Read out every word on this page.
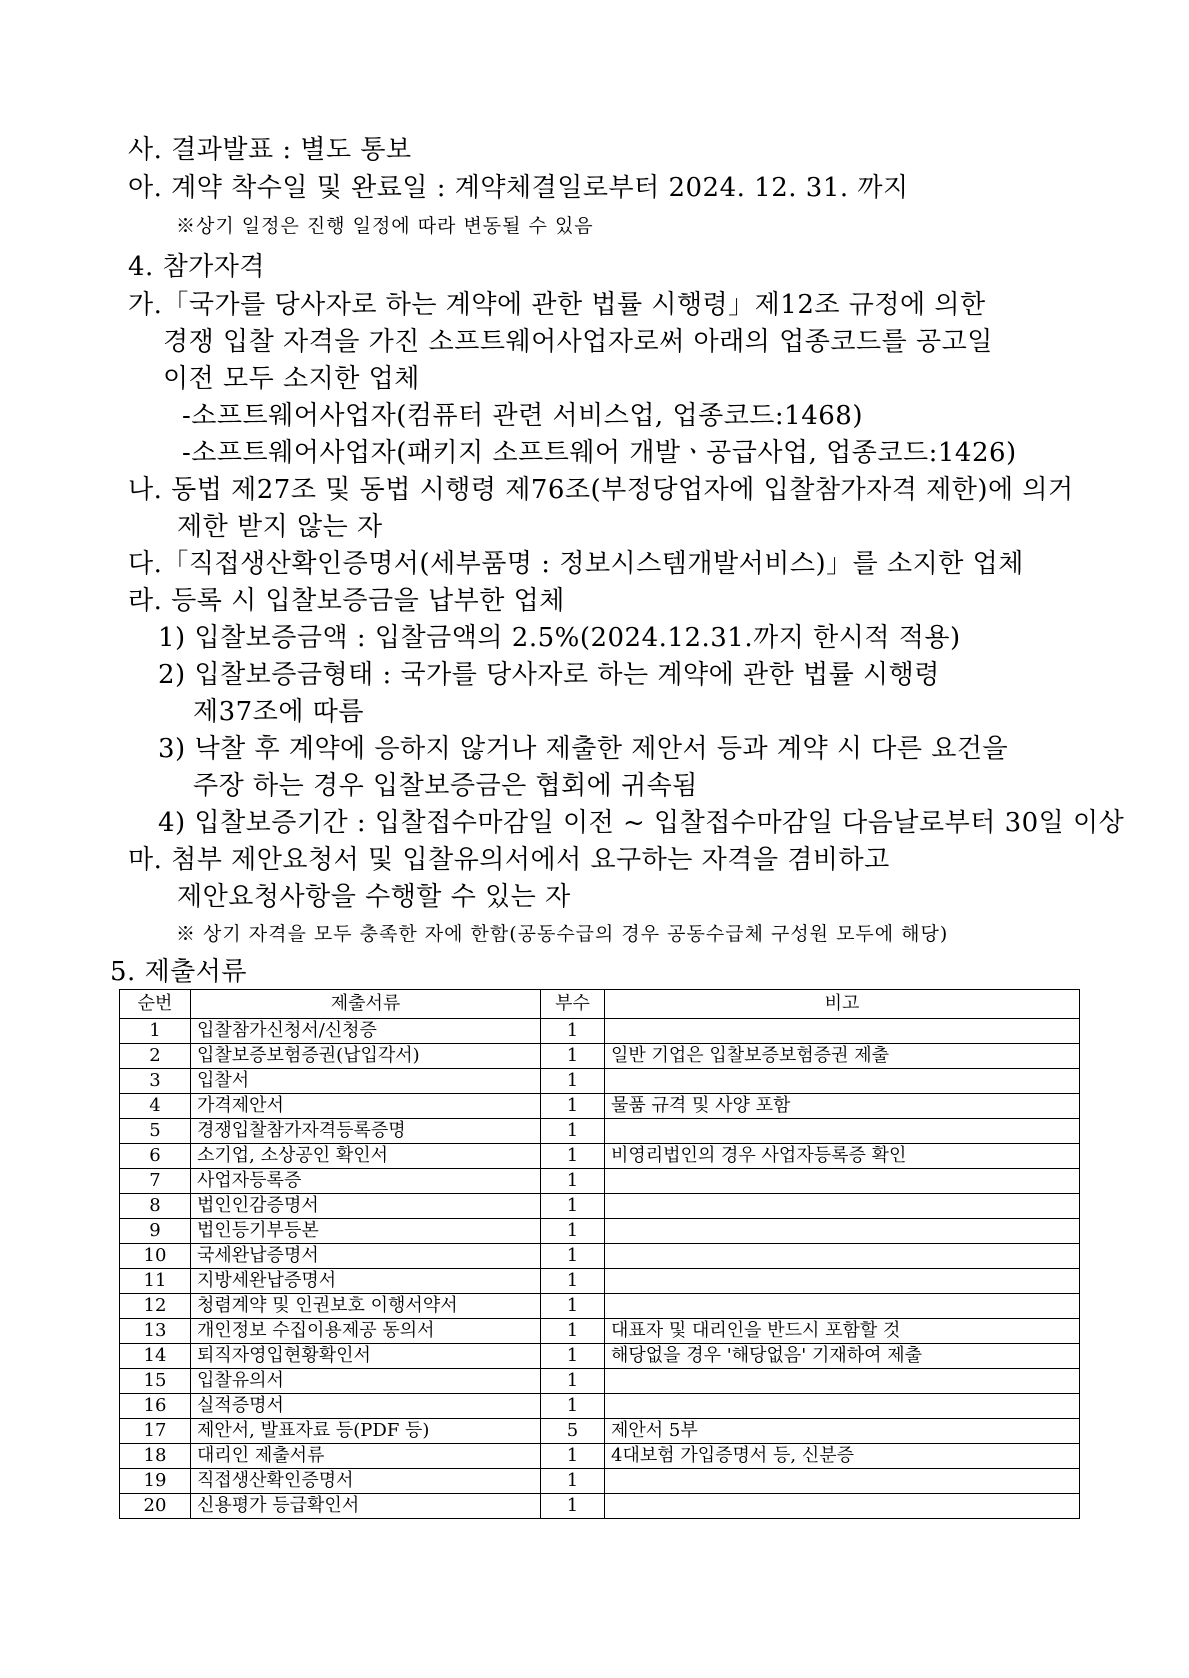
사. 결과발표 : 별도 통보
아. 계약 착수일 및 완료일 : 계약체결일로부터 2024. 12. 31. 까지
※상기 일정은 진행 일정에 따라 변동될 수 있음
4. 참가자격
가.「국가를 당사자로 하는 계약에 관한 법률 시행령」제12조 규정에 의한
경쟁 입찰 자격을 가진 소프트웨어사업자로써 아래의 업종코드를 공고일
이전 모두 소지한 업체
-소프트웨어사업자(컴퓨터 관련 서비스업, 업종코드:1468)
-소프트웨어사업자(패키지 소프트웨어 개발ㆍ공급사업, 업종코드:1426)
나. 동법 제27조 및 동법 시행령 제76조(부정당업자에 입찰참가자격 제한)에 의거
제한 받지 않는 자
다.「직접생산확인증명서(세부품명 : 정보시스템개발서비스)」를 소지한 업체
라. 등록 시 입찰보증금을 납부한 업체
1) 입찰보증금액 : 입찰금액의 2.5%(2024.12.31.까지 한시적 적용)
2) 입찰보증금형태 : 국가를 당사자로 하는 계약에 관한 법률 시행령
제37조에 따름
3) 낙찰 후 계약에 응하지 않거나 제출한 제안서 등과 계약 시 다른 요건을
주장 하는 경우 입찰보증금은 협회에 귀속됨
4) 입찰보증기간 : 입찰접수마감일 이전 ~ 입찰접수마감일 다음날로부터 30일 이상
마. 첨부 제안요청서 및 입찰유의서에서 요구하는 자격을 겸비하고
제안요청사항을 수행할 수 있는 자
※ 상기 자격을 모두 충족한 자에 한함(공동수급의 경우 공동수급체 구성원 모두에 해당)
5. 제출서류
순번	제출서류	부수	비고
1	입찰참가신청서/신청증	1	
2	입찰보증보험증권(납입각서)	1	일반 기업은 입찰보증보험증권 제출
3	입찰서	1	
4	가격제안서	1	물품 규격 및 사양 포함
5	경쟁입찰참가자격등록증명	1	
6	소기업, 소상공인 확인서	1	비영리법인의 경우 사업자등록증 확인
7	사업자등록증	1	
8	법인인감증명서	1	
9	법인등기부등본	1	
10	국세완납증명서	1	
11	지방세완납증명서	1	
12	청렴계약 및 인권보호 이행서약서	1	
13	개인정보 수집이용제공 동의서	1	대표자 및 대리인을 반드시 포함할 것
14	퇴직자영입현황확인서	1	해당없을 경우 '해당없음' 기재하여 제출
15	입찰유의서	1	
16	실적증명서	1	
17	제안서, 발표자료 등(PDF 등)	5	제안서 5부
18	대리인 제출서류	1	4대보험 가입증명서 등, 신분증
19	직접생산확인증명서	1	
20	신용평가 등급확인서	1	
